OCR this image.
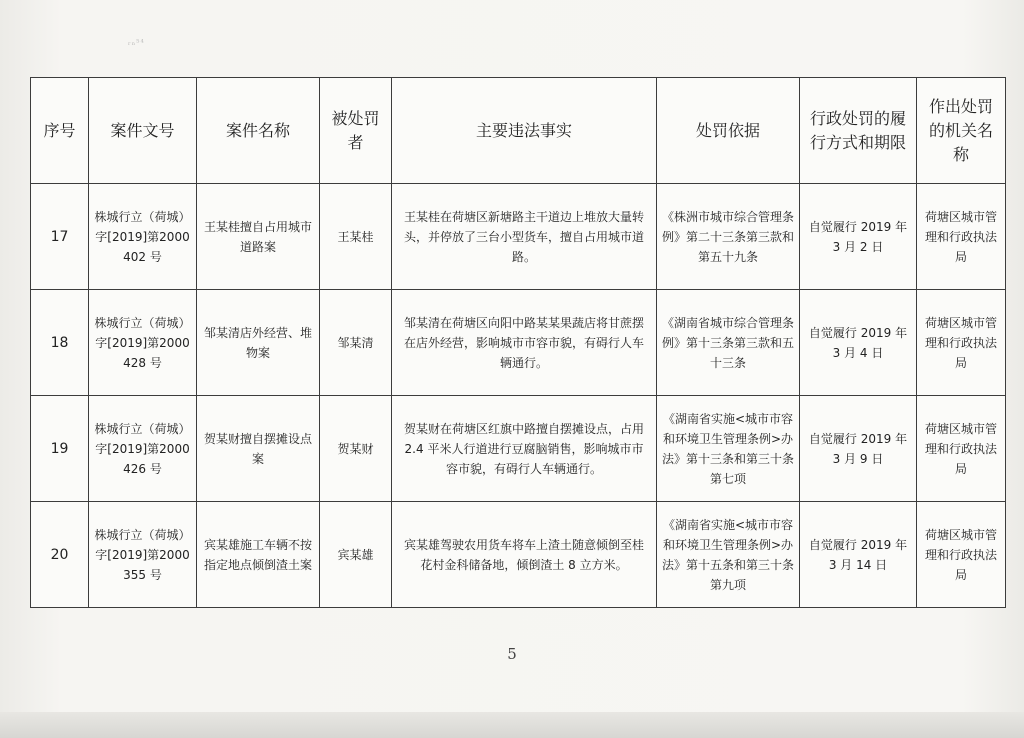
ᵣₙ⁵⁴
序号	案件文号	案件名称	被处罚者	主要违法事实	处罚依据	行政处罚的履行方式和期限	作出处罚的机关名称
17	株城行立（荷城）字[2019]第2000402 号	王某桂擅自占用城市道路案	王某桂	王某桂在荷塘区新塘路主干道边上堆放大量转头，并停放了三台小型货车，擅自占用城市道路。	《株洲市城市综合管理条例》第二十三条第三款和第五十九条	自觉履行 2019 年 3 月 2 日	荷塘区城市管理和行政执法局
18	株城行立（荷城）字[2019]第2000428 号	邹某清店外经营、堆物案	邹某清	邹某清在荷塘区向阳中路某某果蔬店将甘蔗摆在店外经营，影响城市市容市貌，有碍行人车辆通行。	《湖南省城市综合管理条例》第十三条第三款和五十三条	自觉履行 2019 年 3 月 4 日	荷塘区城市管理和行政执法局
19	株城行立（荷城）字[2019]第2000426 号	贺某财擅自摆摊设点案	贺某财	贺某财在荷塘区红旗中路擅自摆摊设点，占用2.4 平米人行道进行豆腐脑销售，影响城市市容市貌，有碍行人车辆通行。	《湖南省实施<城市市容和环境卫生管理条例>办法》第十三条和第三十条第七项	自觉履行 2019 年 3 月 9 日	荷塘区城市管理和行政执法局
20	株城行立（荷城）字[2019]第2000355 号	宾某雄施工车辆不按指定地点倾倒渣土案	宾某雄	宾某雄驾驶农用货车将车上渣土随意倾倒至桂花村金科储备地，倾倒渣土 8 立方米。	《湖南省实施<城市市容和环境卫生管理条例>办法》第十五条和第三十条第九项	自觉履行 2019 年 3 月 14 日	荷塘区城市管理和行政执法局
5
